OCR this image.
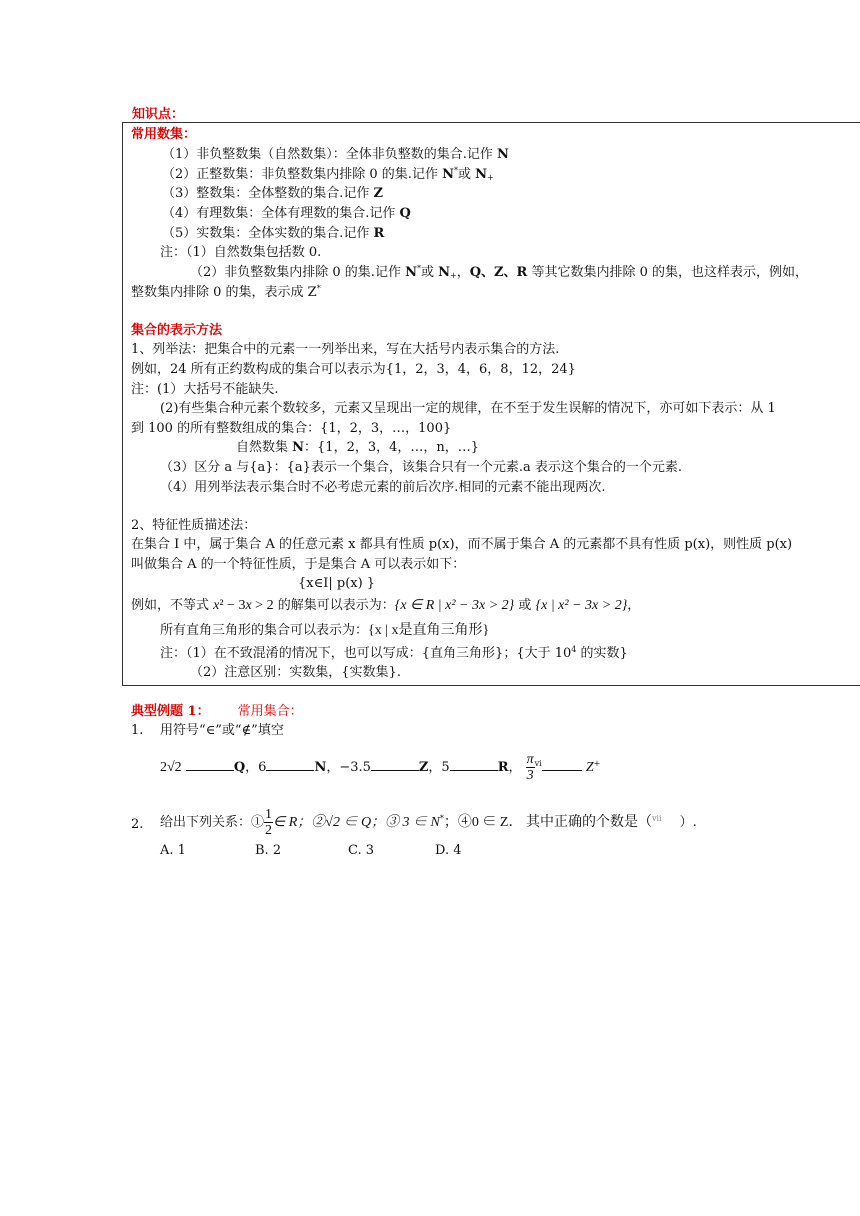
知识点：
常用数集：
（1）非负整数集（自然数集）：全体非负整数的集合.记作 N
（2）正整数集：非负整数集内排除 0 的集.记作 N*或 $N_+$
（3）整数集：全体整数的集合.记作 Z
（4）有理数集：全体有理数的集合.记作 Q
（5）实数集：全体实数的集合.记作 R
注：（1）自然数集包括数 0.
（2）非负整数集内排除 0 的集.记作 N*或 $N_+$，Q、Z、R 等其它数集内排除 0 的集，也这样表示，例如，
整数集内排除 0 的集，表示成 Z*
集合的表示方法
1、列举法：把集合中的元素一一列举出来，写在大括号内表示集合的方法.
例如，24 所有正约数构成的集合可以表示为{1，2，3，4，6，8，12，24}
注：(1）大括号不能缺失.
(2)有些集合种元素个数较多，元素又呈现出一定的规律，在不至于发生误解的情况下，亦可如下表示：从 1
到 100 的所有整数组成的集合：{1，2，3，…，100}
自然数集 N：{1，2，3，4，…，n，…}
（3）区分 a 与{a}：{a}表示一个集合，该集合只有一个元素.a 表示这个集合的一个元素.
（4）用列举法表示集合时不必考虑元素的前后次序.相同的元素不能出现两次.
2、特征性质描述法：
在集合 I 中，属于集合 A 的任意元素 x 都具有性质 p(x)，而不属于集合 A 的元素都不具有性质 p(x)，则性质 p(x)
叫做集合 A 的一个特征性质，于是集合 A 可以表示如下：
{x∈I| p(x) }
例如，不等式 x² − 3x > 2 的解集可以表示为：{x ∈ R | x² − 3x > 2} 或 {x | x² − 3x > 2}，
所有直角三角形的集合可以表示为：{x | x是直角三角形}
注：（1）在不致混淆的情况下，也可以写成：{直角三角形}；{大于 $10^4$ 的实数}
（2）注意区别：实数集，{实数集}.
典型例题 1： 常用集合：
1. 用符号“∈”或“∉”填空
2√2	Q，6	N，−3.5	Z，5	R， $\frac{\pi}{3} ^{vi}$	Z+
2. 给出下列关系：① $\frac{1}{2}$ ∈ R；②√2 ∈ Q；③ 3 ∈ N*；④0 ∈ Z． 其中正确的个数是（$^{vii}$ ）.
A. 1	B. 2	C. 3	D. 4
